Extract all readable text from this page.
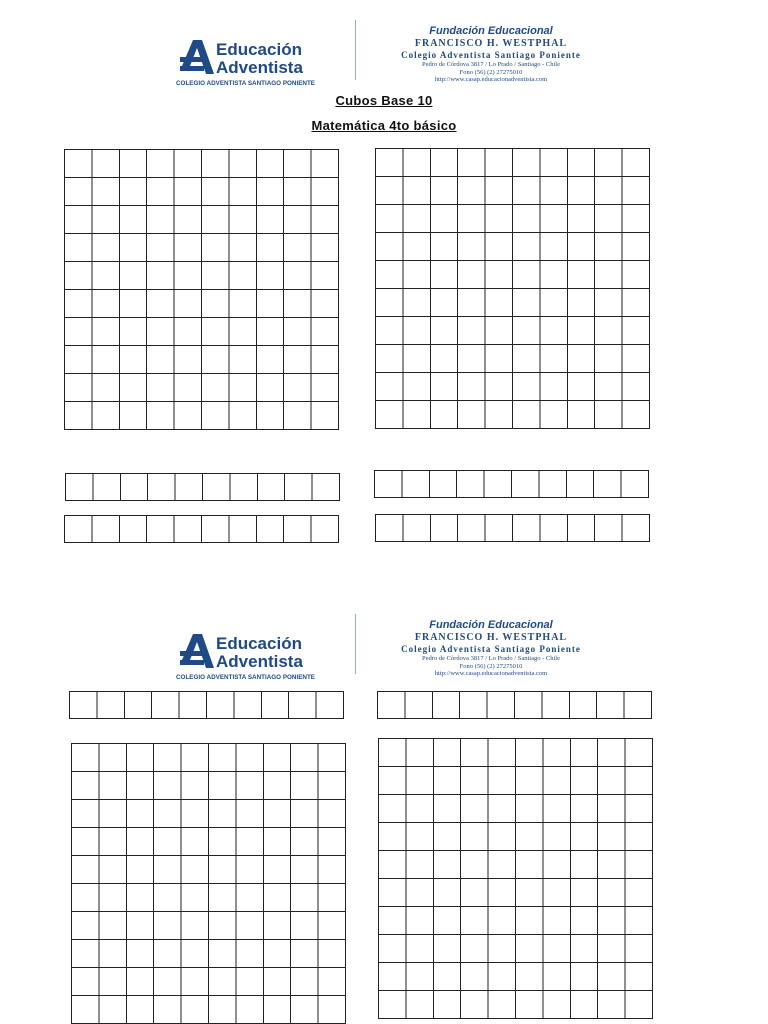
Educación
Adventista
COLEGIO ADVENTISTA SANTIAGO PONIENTE
Fundación Educacional
FRANCISCO H. WESTPHAL
Colegio Adventista Santiago Poniente
Pedro de Córdova 3817 / Lo Prado / Santiago - Chile
Fono (56) (2) 27275010
http://www.casap.educacionadventista.com
Cubos Base 10
Matemática 4to básico
Educación
Adventista
COLEGIO ADVENTISTA SANTIAGO PONIENTE
Fundación Educacional
FRANCISCO H. WESTPHAL
Colegio Adventista Santiago Poniente
Pedro de Córdova 3817 / Lo Prado / Santiago - Chile
Fono (56) (2) 27275010
http://www.casap.educacionadventista.com
